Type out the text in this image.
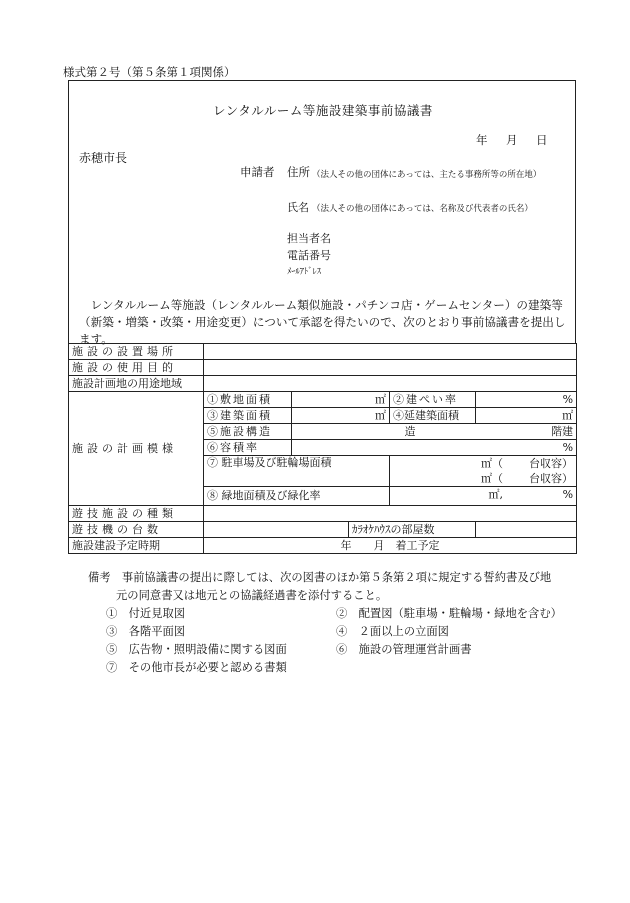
様式第２号（第５条第１項関係）
レンタルルーム等施設建築事前協議書
年 月 日
赤穂市長
申請者 住所 （法人その他の団体にあっては、主たる事務所等の所在地）
氏名 （法人その他の団体にあっては、名称及び代表者の氏名）
担当者名
電話番号
ﾒｰﾙｱﾄﾞﾚｽ
レンタルルーム等施設（レンタルルーム類似施設・パチンコ店・ゲームセンター）の建築等（新築・増築・改築・用途変更）について承認を得たいので、次のとおり事前協議書を提出します。
施設の設置場所					
施設の使用目的					
施設計画地の用途地域					
施設の計画模様	①敷地面積	㎡		②建ぺい率	%
	③建築面積	㎡		④延建築面積	㎡
	⑤施設構造	造 階建			

	⑥容積率	%			
	⑦ 駐車場及び駐輪場面積			㎡（ 台収容）	

				㎡（ 台収容）	

	⑧ 緑地面積及び緑化率			㎡, %	

遊技施設の種類					
遊技機の台数			ｶﾗｵｹﾊｳｽの部屋数		
施設建設予定時期	年　　月　着工予定				
備考　 事前協議書の提出に際しては、次の図書のほか第５条第２項に規定する誓約書及び地
元の同意書又は地元との協議経過書を添付すること。
①　付近見取図	②　配置図（駐車場・駐輪場・緑地を含む）
③　各階平面図	④　２面以上の立面図
⑤　広告物・照明設備に関する図面	⑥　施設の管理運営計画書
⑦　その他市長が必要と認める書類
